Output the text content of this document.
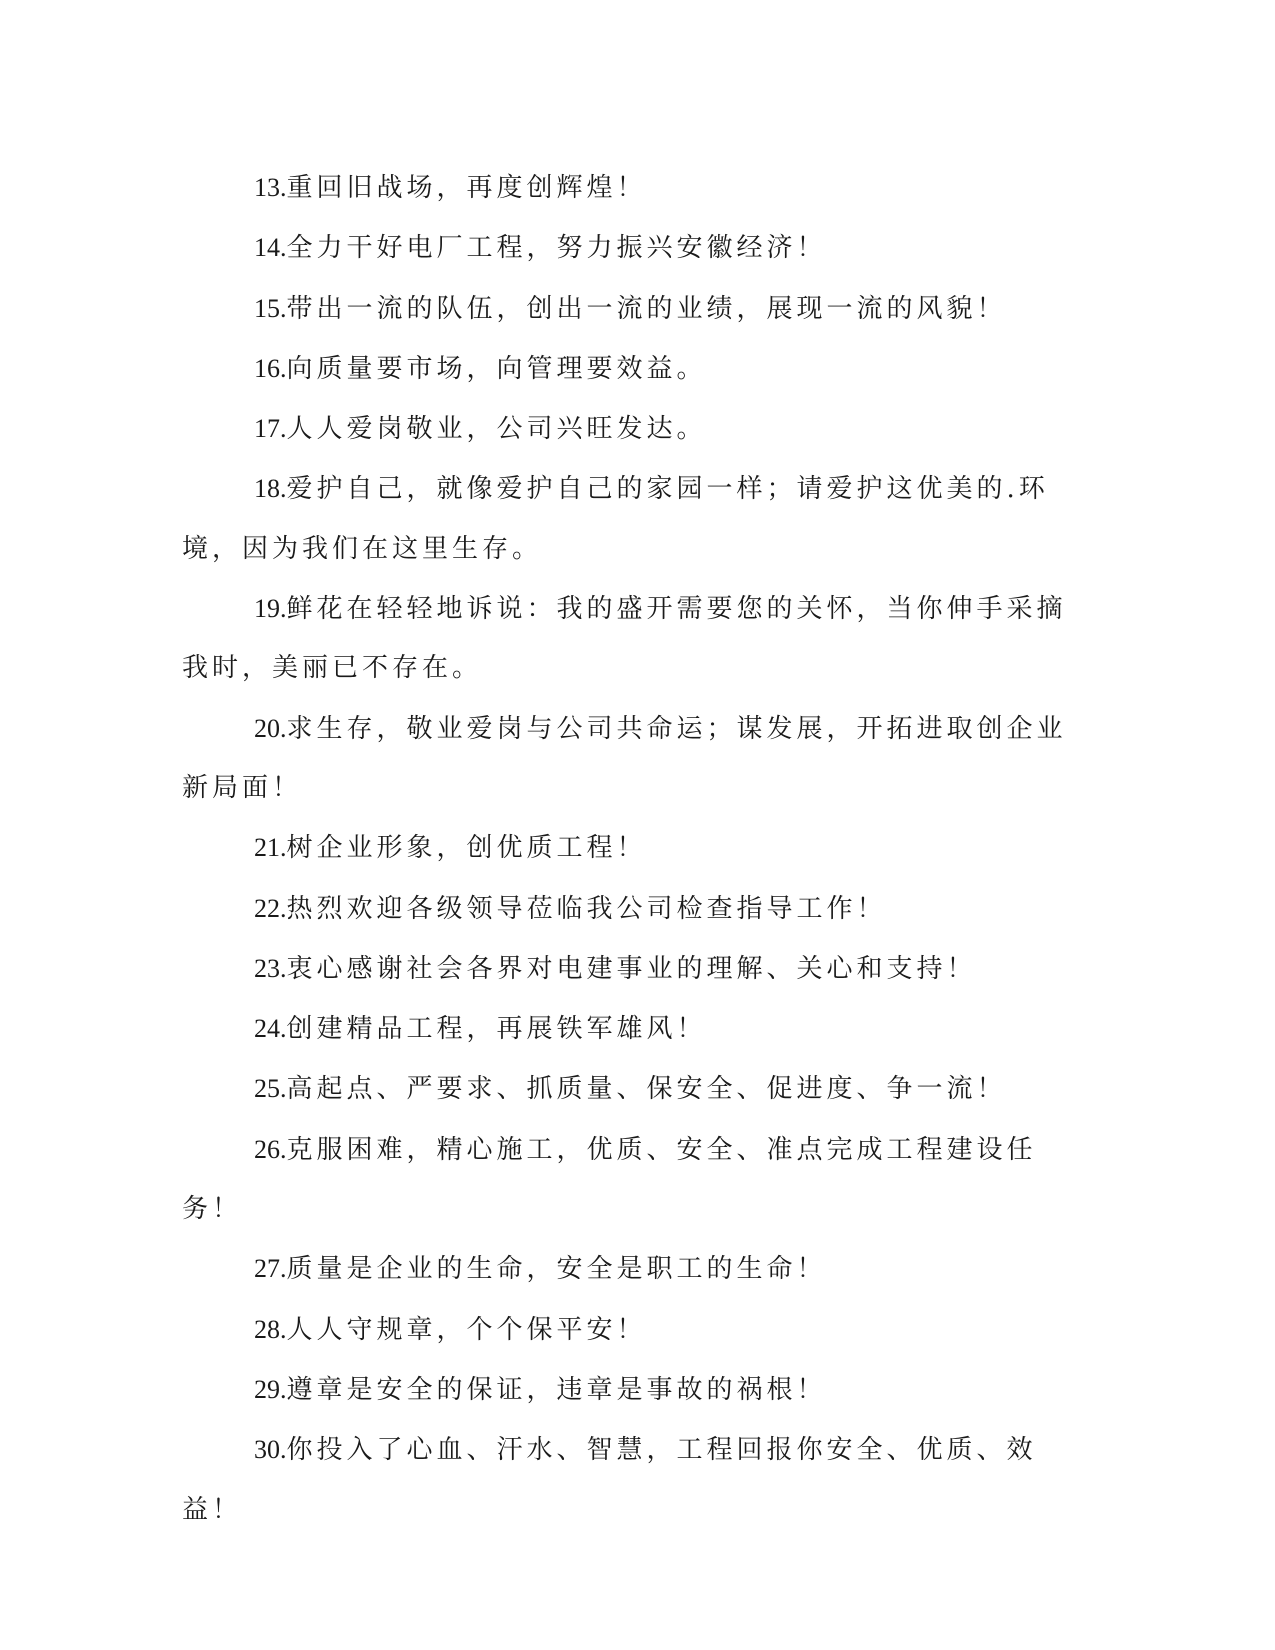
13.重回旧战场，再度创辉煌！

14.全力干好电厂工程，努力振兴安徽经济！

15.带出一流的队伍，创出一流的业绩，展现一流的风貌！

16.向质量要市场，向管理要效益。

17.人人爱岗敬业，公司兴旺发达。

18.爱护自己，就像爱护自己的家园一样；请爱护这优美的.环境，因为我们在这里生存。

19.鲜花在轻轻地诉说：我的盛开需要您的关怀，当你伸手采摘我时，美丽已不存在。

20.求生存，敬业爱岗与公司共命运；谋发展，开拓进取创企业新局面！

21.树企业形象，创优质工程！

22.热烈欢迎各级领导莅临我公司检查指导工作！

23.衷心感谢社会各界对电建事业的理解、关心和支持！

24.创建精品工程，再展铁军雄风！

25.高起点、严要求、抓质量、保安全、促进度、争一流！

26.克服困难，精心施工，优质、安全、准点完成工程建设任务！

27.质量是企业的生命，安全是职工的生命！

28.人人守规章，个个保平安！

29.遵章是安全的保证，违章是事故的祸根！

30.你投入了心血、汗水、智慧，工程回报你安全、优质、效益！
